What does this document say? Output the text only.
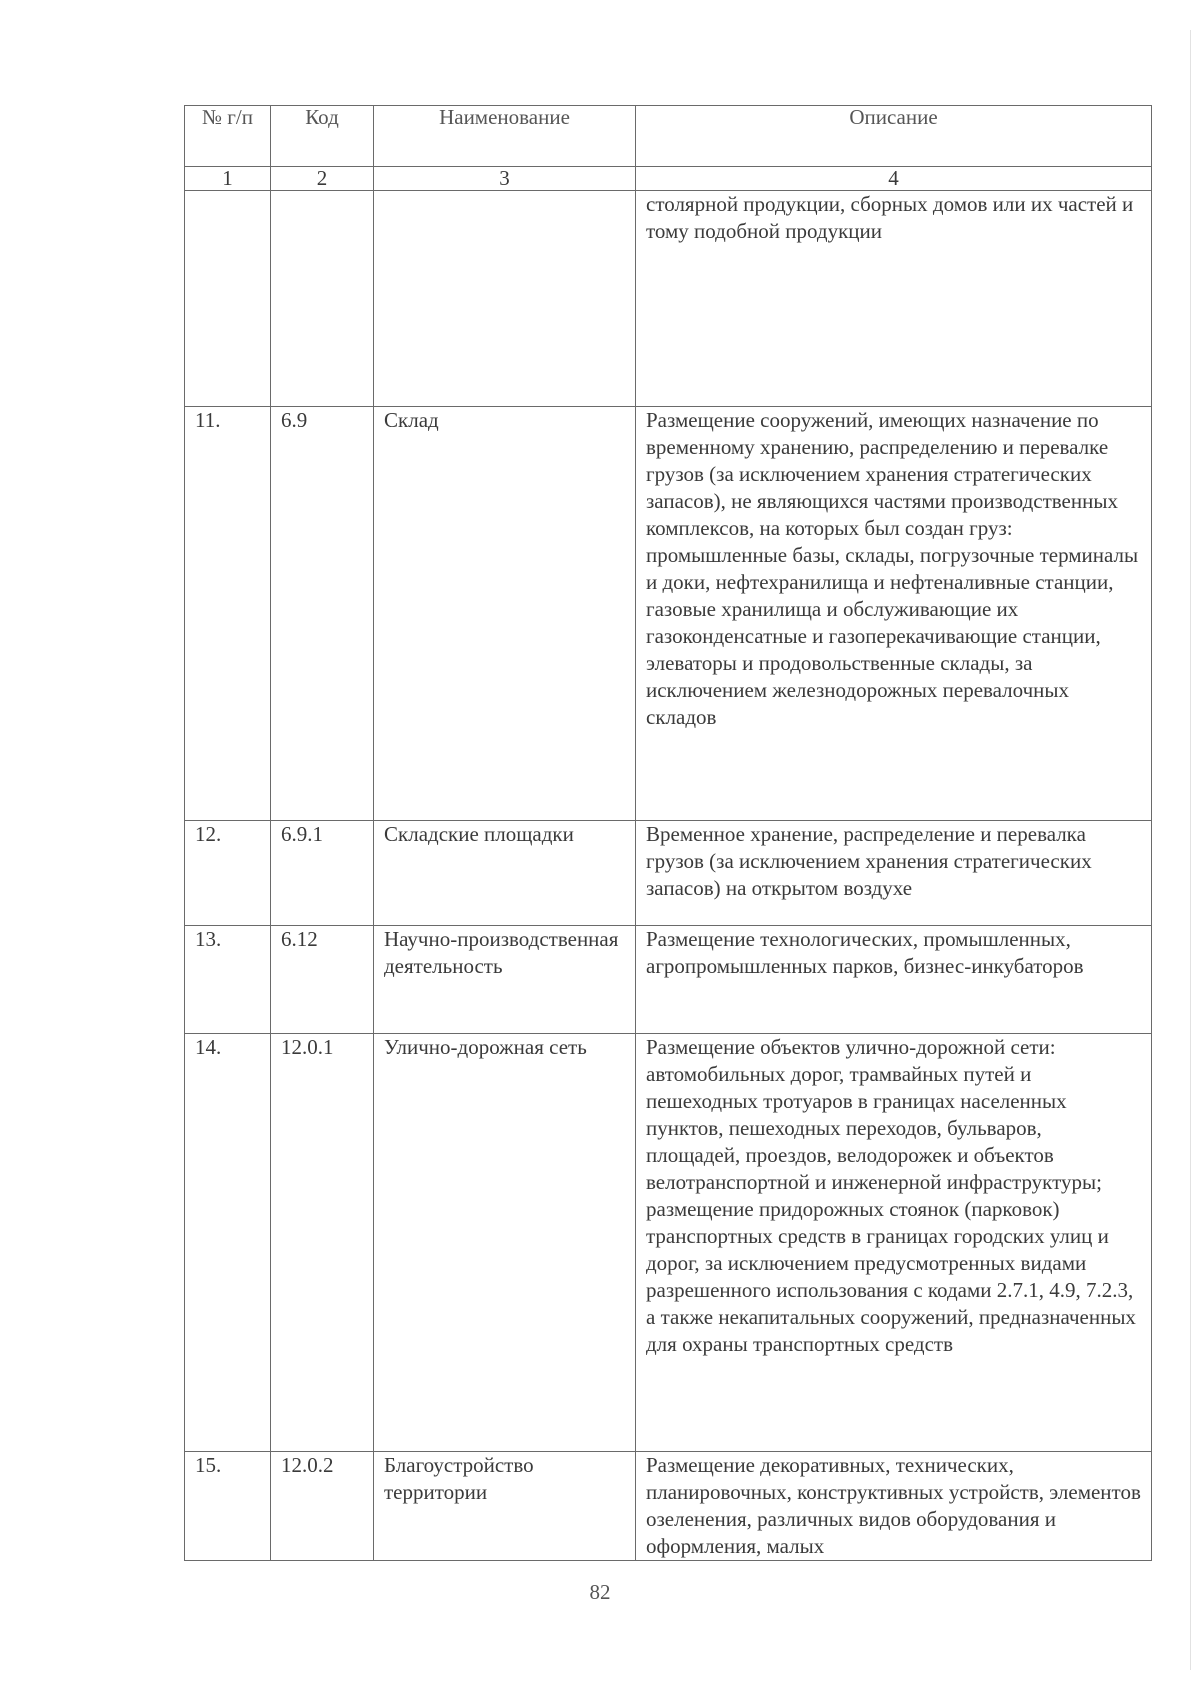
№ г/п	Код	Наименование	Описание
1	2	3	4
			столярной продукции, сборных домов или их частей и тому подобной продукции
11.	6.9	Склад	Размещение сооружений, имеющих назначение по временному хранению, распределению и перевалке грузов (за исключением хранения стратегических запасов), не являющихся частями производственных комплексов, на которых был создан груз: промышленные базы, склады, погрузочные терминалы и доки, нефтехранилища и нефтеналивные станции, газовые хранилища и обслуживающие их газоконденсатные и газоперекачивающие станции, элеваторы и продовольственные склады, за исключением железнодорожных перевалочных складов
12.	6.9.1	Складские площадки	Временное хранение, распределение и перевалка грузов (за исключением хранения стратегических запасов) на открытом воздухе
13.	6.12	Научно-производственная деятельность	Размещение технологических, промышленных, агропромышленных парков, бизнес-инкубаторов
14.	12.0.1	Улично-дорожная сеть	Размещение объектов улично-дорожной сети: автомобильных дорог, трамвайных путей и пешеходных тротуаров в границах населенных пунктов, пешеходных переходов, бульваров, площадей, проездов, велодорожек и объектов велотранспортной и инженерной инфраструктуры; размещение придорожных стоянок (парковок) транспортных средств в границах городских улиц и дорог, за исключением предусмотренных видами разрешенного использования с кодами 2.7.1, 4.9, 7.2.3, а также некапитальных сооружений, предназначенных для охраны транспортных средств
15.	12.0.2	Благоустройство территории	Размещение декоративных, технических, планировочных, конструктивных устройств, элементов озеленения, различных видов оборудования и оформления, малых
82
